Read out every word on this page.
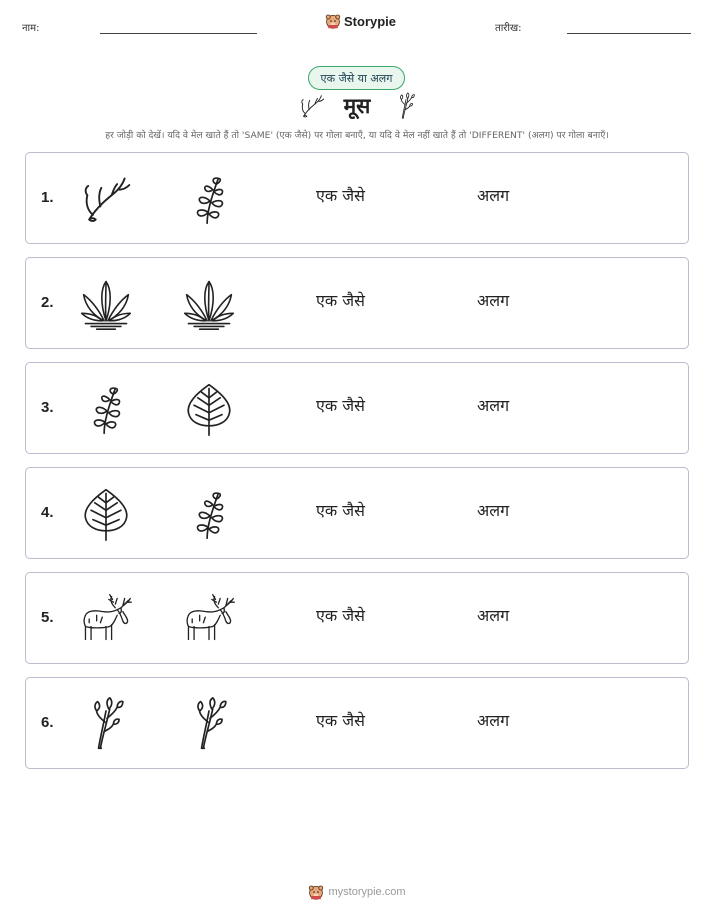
नाम:	Storypie	तारीख:
एक जैसे या अलग
मूस
हर जोड़ी को देखें। यदि वे मेल खाते हैं तो 'SAME' (एक जैसे) पर गोला बनाएँ, या यदि वे मेल नहीं खाते हैं तो 'DIFFERENT' (अलग) पर गोला बनाएँ।
1.	एक जैसे	अलग
2.	एक जैसे	अलग
3.	एक जैसे	अलग
4.	एक जैसे	अलग
5.	एक जैसे	अलग
6.	एक जैसे	अलग
mystorypie.com
